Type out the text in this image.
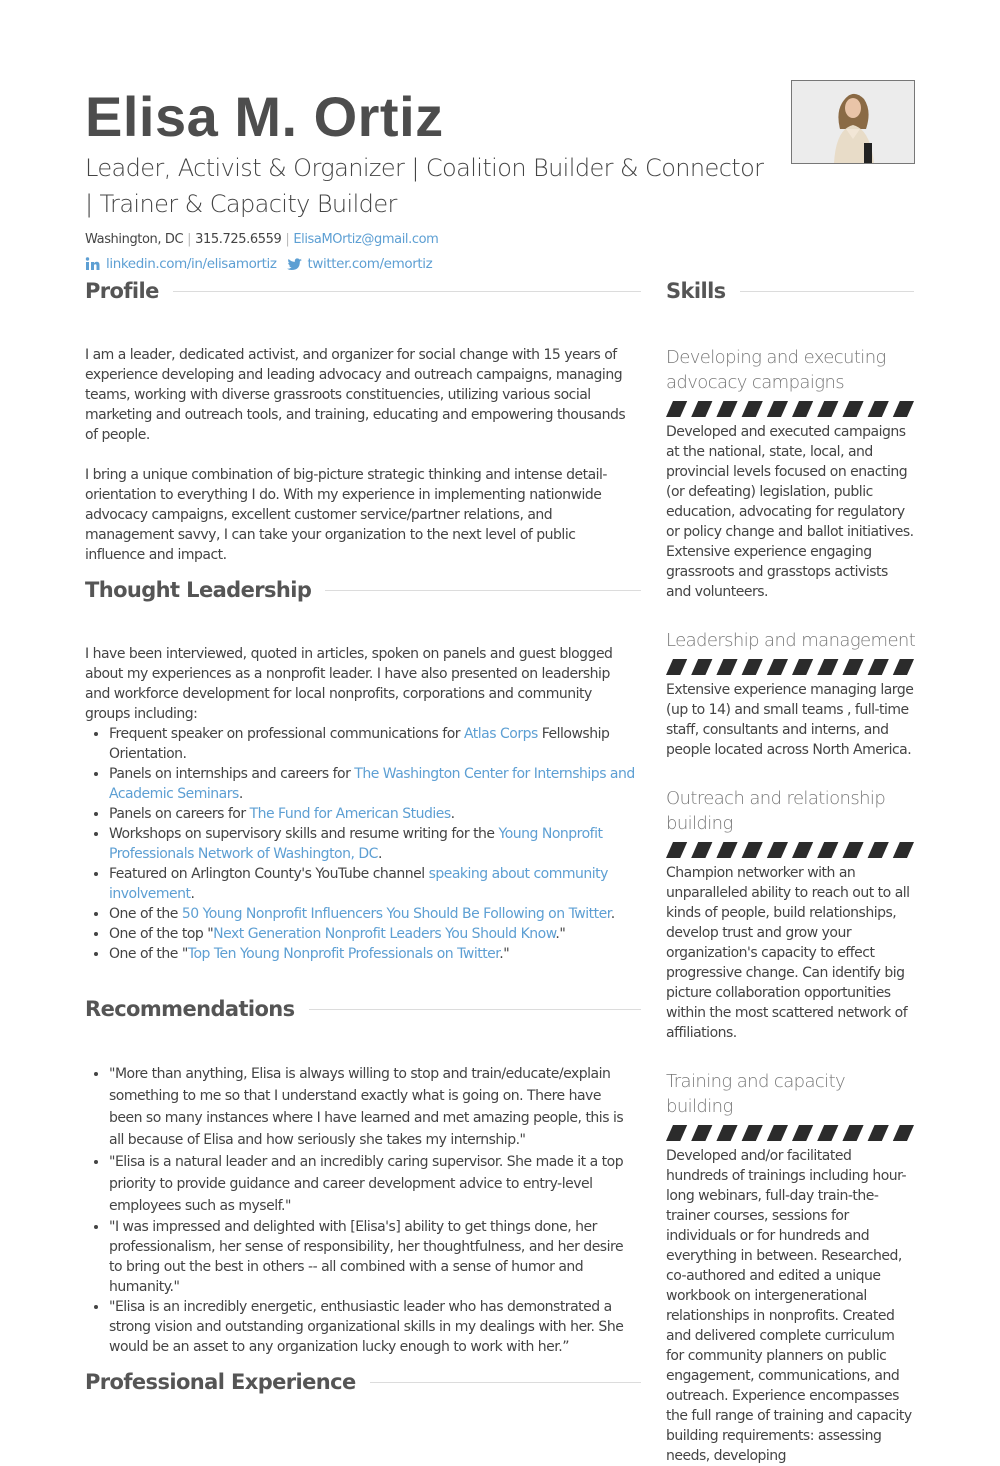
Elisa M. Ortiz
Leader, Activist & Organizer | Coalition Builder & Connector | Trainer & Capacity Builder
Washington, DC | 315.725.6559 | ElisaMOrtiz@gmail.com
linkedin.com/in/elisamortiz twitter.com/emortiz
Profile

I am a leader, dedicated activist, and organizer for social change with 15 years of experience developing and leading advocacy and outreach campaigns, managing teams, working with diverse grassroots constituencies, utilizing various social marketing and outreach tools, and training, educating and empowering thousands of people.

I bring a unique combination of big-picture strategic thinking and intense detail-orientation to everything I do. With my experience in implementing nationwide advocacy campaigns, excellent customer service/partner relations, and management savvy, I can take your organization to the next level of public influence and impact.

Thought Leadership

I have been interviewed, quoted in articles, spoken on panels and guest blogged about my experiences as a nonprofit leader. I have also presented on leadership and workforce development for local nonprofits, corporations and community groups including:

• Frequent speaker on professional communications for Atlas Corps Fellowship Orientation.
• Panels on internships and careers for The Washington Center for Internships and Academic Seminars.
• Panels on careers for The Fund for American Studies.
• Workshops on supervisory skills and resume writing for the Young Nonprofit Professionals Network of Washington, DC.
• Featured on Arlington County's YouTube channel speaking about community involvement.
• One of the 50 Young Nonprofit Influencers You Should Be Following on Twitter.
• One of the top "Next Generation Nonprofit Leaders You Should Know."
• One of the "Top Ten Young Nonprofit Professionals on Twitter."
Recommendations
• "More than anything, Elisa is always willing to stop and train/educate/explain something to me so that I understand exactly what is going on. There have been so many instances where I have learned and met amazing people, this is all because of Elisa and how seriously she takes my internship."
• "Elisa is a natural leader and an incredibly caring supervisor. She made it a top priority to provide guidance and career development advice to entry-level employees such as myself."
• "I was impressed and delighted with [Elisa's] ability to get things done, her professionalism, her sense of responsibility, her thoughtfulness, and her desire to bring out the best in others -- all combined with a sense of humor and humanity."
• "Elisa is an incredibly energetic, enthusiastic leader who has demonstrated a strong vision and outstanding organizational skills in my dealings with her. She would be an asset to any organization lucky enough to work with her.”
Professional Experience
Skills

Developing and executing advocacy campaigns

Developed and executed campaigns at the national, state, local, and provincial levels focused on enacting (or defeating) legislation, public education, advocating for regulatory or policy change and ballot initiatives. Extensive experience engaging grassroots and grasstops activists and volunteers.

Leadership and management

Extensive experience managing large (up to 14) and small teams , full-time staff, consultants and interns, and people located across North America.

Outreach and relationship building

Champion networker with an unparalleled ability to reach out to all kinds of people, build relationships, develop trust and grow your organization's capacity to effect progressive change. Can identify big picture collaboration opportunities within the most scattered network of affiliations.

Training and capacity building

Developed and/or facilitated hundreds of trainings including hour-long webinars, full-day train-the-trainer courses, sessions for individuals or for hundreds and everything in between. Researched, co-authored and edited a unique workbook on intergenerational relationships in nonprofits. Created and delivered complete curriculum for community planners on public engagement, communications, and outreach. Experience encompasses the full range of training and capacity building requirements: assessing needs, developing
